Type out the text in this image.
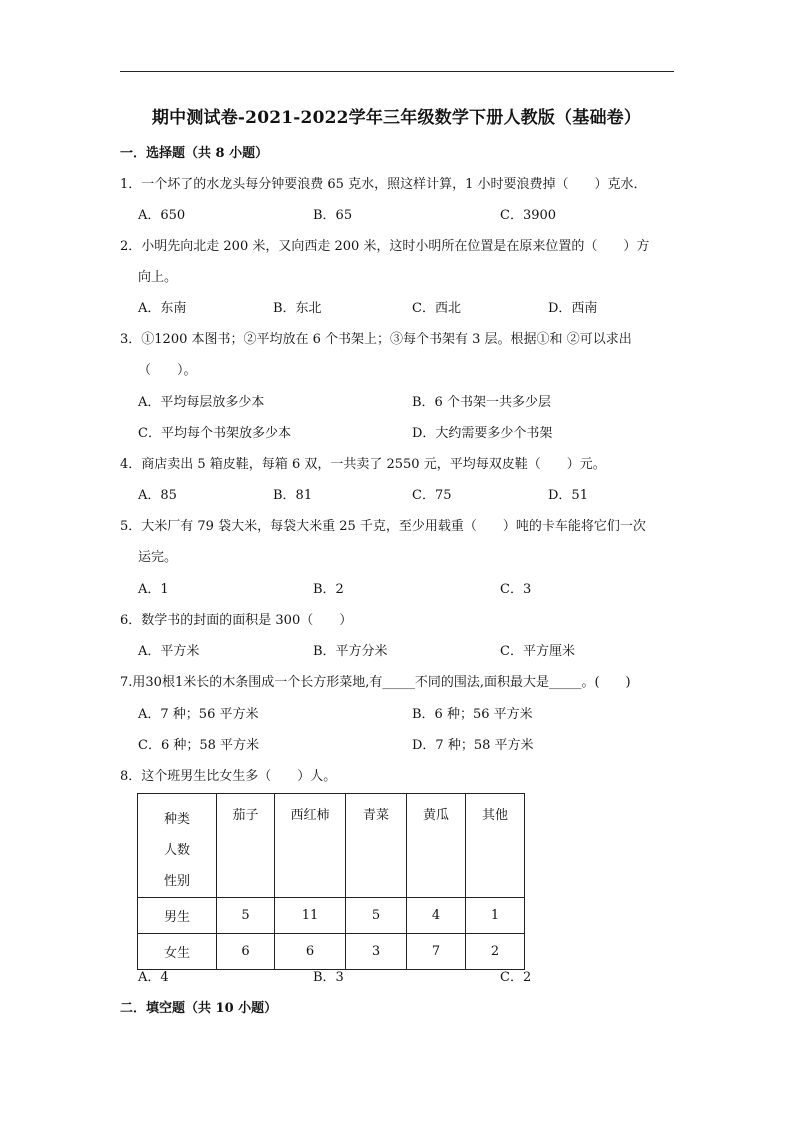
期中测试卷-2021-2022学年三年级数学下册人教版（基础卷）
一．选择题（共 8 小题）
1．一个坏了的水龙头每分钟要浪费 65 克水，照这样计算，1 小时要浪费掉（　　）克水．
A．650	B．65	C．3900
2．小明先向北走 200 米，又向西走 200 米，这时小明所在位置是在原来位置的（　　）方
向上。
A．东南	B．东北	C．西北	D．西南
3．①1200 本图书；②平均放在 6 个书架上；③每个书架有 3 层。根据①和 ②可以求出
（　　）。
A．平均每层放多少本	B．6 个书架一共多少层
C．平均每个书架放多少本	D．大约需要多少个书架
4．商店卖出 5 箱皮鞋，每箱 6 双，一共卖了 2550 元，平均每双皮鞋（　　）元。
A．85	B．81	C．75	D．51
5．大米厂有 79 袋大米，每袋大米重 25 千克，至少用载重（　　）吨的卡车能将它们一次
运完。
A．1	B．2	C．3
6．数学书的封面的面积是 300（　　）
A．平方米	B．平方分米	C．平方厘米
7.用30根1米长的木条围成一个长方形菜地,有_____不同的围法,面积最大是_____。(　　)
A．7 种；56 平方米	B．6 种；56 平方米
C．6 种；58 平方米	D．7 种；58 平方米
8．这个班男生比女生多（　　）人。
种类
人数
性别	茄子	西红柿	青菜	黄瓜	其他
男生	5	11	5	4	1
女生	6	6	3	7	2
A．4	B．3	C．2
二．填空题（共 10 小题）
